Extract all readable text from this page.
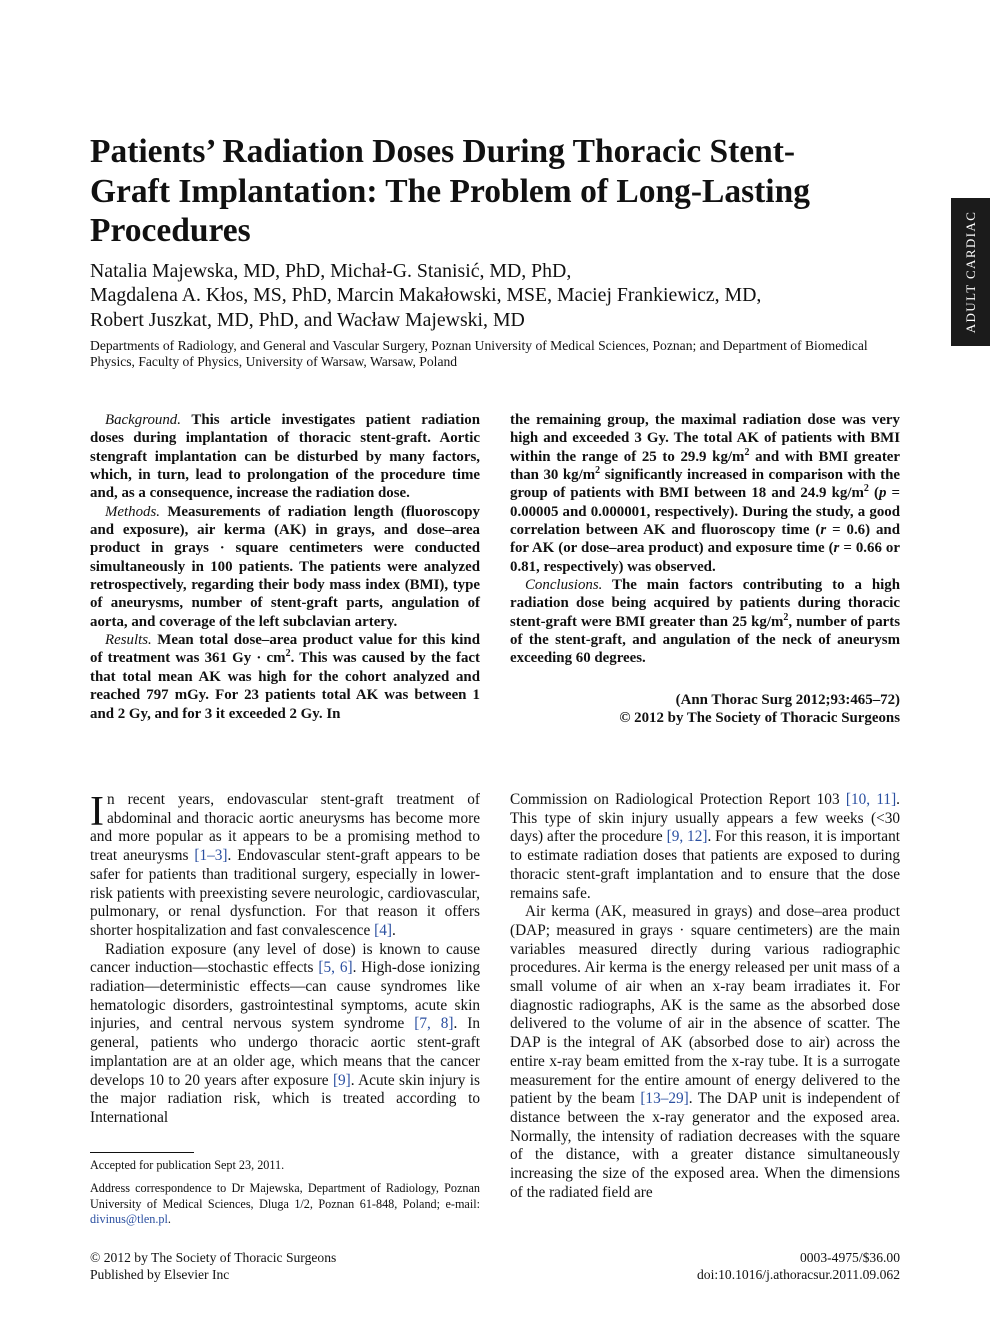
Patients’ Radiation Doses During Thoracic Stent-Graft Implantation: The Problem of Long-Lasting Procedures
Natalia Majewska, MD, PhD, Michał-G. Stanisić, MD, PhD,
Magdalena A. Kłos, MS, PhD, Marcin Makałowski, MSE, Maciej Frankiewicz, MD,
Robert Juszkat, MD, PhD, and Wacław Majewski, MD
Departments of Radiology, and General and Vascular Surgery, Poznan University of Medical Sciences, Poznan; and Department of Biomedical Physics, Faculty of Physics, University of Warsaw, Warsaw, Poland
ADULT CARDIAC

Background. This article investigates patient radiation doses during implantation of thoracic stent-graft. Aortic stengraft implantation can be disturbed by many factors, which, in turn, lead to prolongation of the procedure time and, as a consequence, increase the radiation dose.

Methods. Measurements of radiation length (fluoroscopy and exposure), air kerma (AK) in grays, and dose–area product in grays · square centimeters were conducted simultaneously in 100 patients. The patients were analyzed retrospectively, regarding their body mass index (BMI), type of aneurysms, number of stent-graft parts, angulation of aorta, and coverage of the left subclavian artery.

Results. Mean total dose–area product value for this kind of treatment was 361 $Gy \cdot cm^2$. This was caused by the fact that total mean AK was high for the cohort analyzed and reached 797 mGy. For 23 patients total AK was between 1 and 2 Gy, and for 3 it exceeded 2 Gy. In

the remaining group, the maximal radiation dose was very high and exceeded 3 Gy. The total AK of patients with BMI within the range of 25 to 29.9 $kg/m^2$ and with BMI greater than 30 $kg/m^2$ significantly increased in comparison with the group of patients with BMI between 18 and 24.9 $kg/m^2$ (p = 0.00005 and 0.000001, respectively). During the study, a good correlation between AK and fluoroscopy time (r = 0.6) and for AK (or dose–area product) and exposure time (r = 0.66 or 0.81, respectively) was observed.

Conclusions. The main factors contributing to a high radiation dose being acquired by patients during thoracic stent-graft were BMI greater than 25 $kg/m^2$, number of parts of the stent-graft, and angulation of the neck of aneurysm exceeding 60 degrees.

(Ann Thorac Surg 2012;93:465–72)
© 2012 by The Society of Thoracic Surgeons

In recent years, endovascular stent-graft treatment of abdominal and thoracic aortic aneurysms has become more and more popular as it appears to be a promising method to treat aneurysms [1–3]. Endovascular stent-graft appears to be safer for patients than traditional surgery, especially in lower-risk patients with preexisting severe neurologic, cardiovascular, pulmonary, or renal dysfunction. For that reason it offers shorter hospitalization and fast convalescence [4].

Radiation exposure (any level of dose) is known to cause cancer induction—stochastic effects [5, 6]. High-dose ionizing radiation—deterministic effects—can cause syndromes like hematologic disorders, gastrointestinal symptoms, acute skin injuries, and central nervous system syndrome [7, 8]. In general, patients who undergo thoracic aortic stent-graft implantation are at an older age, which means that the cancer develops 10 to 20 years after exposure [9]. Acute skin injury is the major radiation risk, which is treated according to International

Commission on Radiological Protection Report 103 [10, 11]. This type of skin injury usually appears a few weeks (<30 days) after the procedure [9, 12]. For this reason, it is important to estimate radiation doses that patients are exposed to during thoracic stent-graft implantation and to ensure that the dose remains safe.

Air kerma (AK, measured in grays) and dose–area product (DAP; measured in grays · square centimeters) are the main variables measured directly during various radiographic procedures. Air kerma is the energy released per unit mass of a small volume of air when an x-ray beam irradiates it. For diagnostic radiographs, AK is the same as the absorbed dose delivered to the volume of air in the absence of scatter. The DAP is the integral of AK (absorbed dose to air) across the entire x-ray beam emitted from the x-ray tube. It is a surrogate measurement for the entire amount of energy delivered to the patient by the beam [13–29]. The DAP unit is independent of distance between the x-ray generator and the exposed area. Normally, the intensity of radiation decreases with the square of the distance, with a greater distance simultaneously increasing the size of the exposed area. When the dimensions of the radiated field are

Accepted for publication Sept 23, 2011.

Address correspondence to Dr Majewska, Department of Radiology, Poznan University of Medical Sciences, Dluga 1/2, Poznan 61-848, Poland; e-mail: divinus@tlen.pl.

© 2012 by The Society of Thoracic Surgeons
Published by Elsevier Inc
0003-4975/$36.00
doi:10.1016/j.athoracsur.2011.09.062
